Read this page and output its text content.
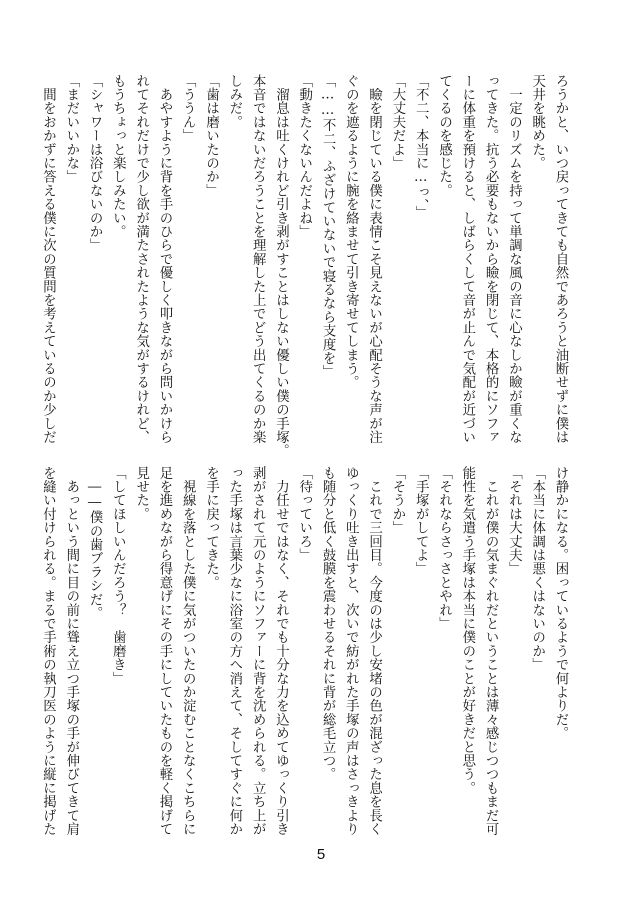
ろうかと、いつ戻ってきても自然であろうと油断せずに僕は
天井を眺めた。
　一定のリズムを持って単調な風の音に心なしか瞼が重くな
ってきた。抗う必要もないから瞼を閉じて、本格的にソファ
ーに体重を預けると、しばらくして音が止んで気配が近づい
てくるのを感じた。
「不二、本当に…っ、」
「大丈夫だよ」
　瞼を閉じている僕に表情こそ見えないが心配そうな声が注
ぐのを遮るように腕を絡ませて引き寄せてしまう。
「……不二、ふざけていないで寝るなら支度を」
「動きたくないんだよね」
　溜息は吐くけれど引き剥がすことはしない優しい僕の手塚。
本音ではないだろうことを理解した上でどう出てくるのか楽
しみだ。
「歯は磨いたのか」
「ううん」
　あやすように背を手のひらで優しく叩きながら問いかけら
れてそれだけで少し欲が満たされたような気がするけれど、
もうちょっと楽しみたい。
「シャワーは浴びないのか」
「まだいいかな」
　間をおかずに答える僕に次の質問を考えているのか少しだ
け静かになる。困っているようで何よりだ。
「本当に体調は悪くはないのか」
「それは大丈夫」
　これが僕の気まぐれだということは薄々感じつつもまだ可
能性を気遣う手塚は本当に僕のことが好きだと思う。
「それならさっさとやれ」
「手塚がしてよ」
「そうか」
　これで三回目。今度のは少し安堵の色が混ざった息を長く
ゆっくり吐き出すと、次いで紡がれた手塚の声はさっきより
も随分と低く鼓膜を震わせるそれに背が総毛立つ。
「待っていろ」
　力任せではなく、それでも十分な力を込めてゆっくり引き
剥がされて元のようにソファーに背を沈められる。立ち上が
った手塚は言葉少なに浴室の方へ消えて、そしてすぐに何か
を手に戻ってきた。
　視線を落とした僕に気がついたのか淀むことなくこちらに
足を進めながら得意げにその手にしていたものを軽く掲げて
見せた。
「してほしいんだろう？　歯磨き」
　――僕の歯ブラシだ。
　あっという間に目の前に聳え立つ手塚の手が伸びてきて肩
を縫い付けられる。まるで手術の執刀医のように縦に掲げた
5
